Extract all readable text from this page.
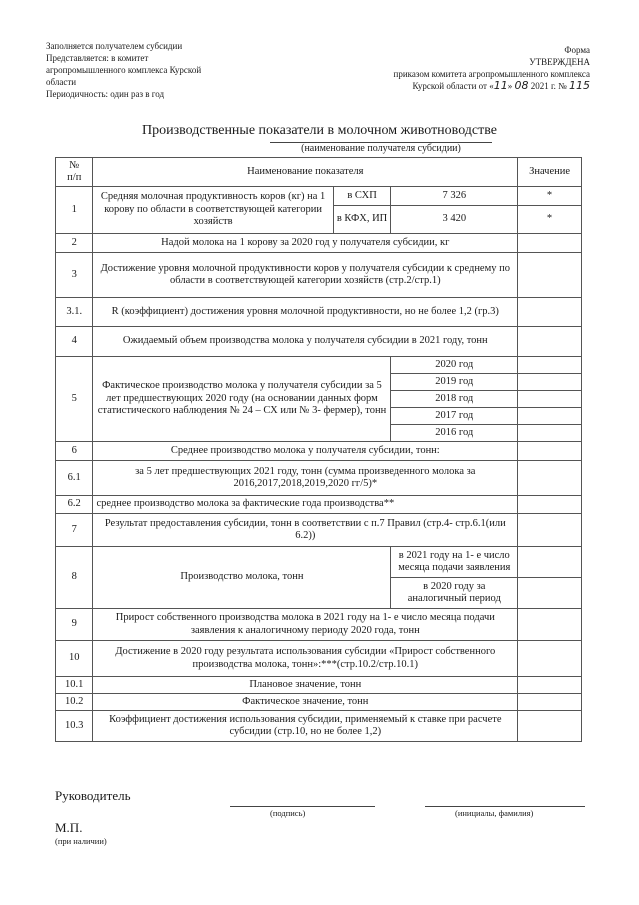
Заполняется получателем субсидии
Представляется: в комитет
агропромышленного комплекса Курской
области
Периодичность: один раз в год
Форма
УТВЕРЖДЕНА
приказом комитета агропромышленного комплекса
Курской области от «11» 08 2021 г. № 115
Производственные показатели в молочном животноводстве
(наименование получателя субсидии)
№
п/п	Наименование показателя			Значение
1	Средняя молочная продуктивность коров (кг) на 1 корову по области в соответствующей категории хозяйств	в СХП	7 326	*
		в КФХ, ИП	3 420	*
2	Надой молока на 1 корову за 2020 год у получателя субсидии, кг			
3	Достижение уровня молочной продуктивности коров у получателя субсидии к среднему по области в соответствующей категории хозяйств (стр.2/стр.1)			
3.1.	R (коэффициент) достижения уровня молочной продуктивности, но не более 1,2 (гр.3)			
4	Ожидаемый объем производства молока у получателя субсидии в 2021 году, тонн			
5	Фактическое производство молока у получателя субсидии за 5 лет предшествующих 2020 году (на основании данных форм статистического наблюдения № 24 – СХ или № 3- фермер), тонн		2020 год	
			2019 год	
			2018 год	
			2017 год	
			2016 год	
6	Среднее производство молока у получателя субсидии, тонн:			
6.1	за 5 лет предшествующих 2021 году, тонн (сумма произведенного молока за 2016,2017,2018,2019,2020 гг/5)*			
6.2	среднее производство молока за фактические года производства**			
7	Результат предоставления субсидии, тонн в соответствии с п.7 Правил (стр.4- стр.6.1(или 6.2))			
8	Производство молока, тонн		в 2021 году на 1- е число месяца подачи заявления	
			в 2020 году за аналогичный период	
9	Прирост собственного производства молока в 2021 году на 1- е число месяца подачи заявления к аналогичному периоду 2020 года, тонн			
10	Достижение в 2020 году результата использования субсидии «Прирост собственного производства молока, тонн»:***(стр.10.2/стр.10.1)			
10.1	Плановое значение, тонн			
10.2	Фактическое значение, тонн			
10.3	Коэффициент достижения использования субсидии, применяемый к ставке при расчете субсидии (стр.10, но не более 1,2)			
Руководитель
(подпись)	(инициалы, фамилия)
М.П.
(при наличии)
